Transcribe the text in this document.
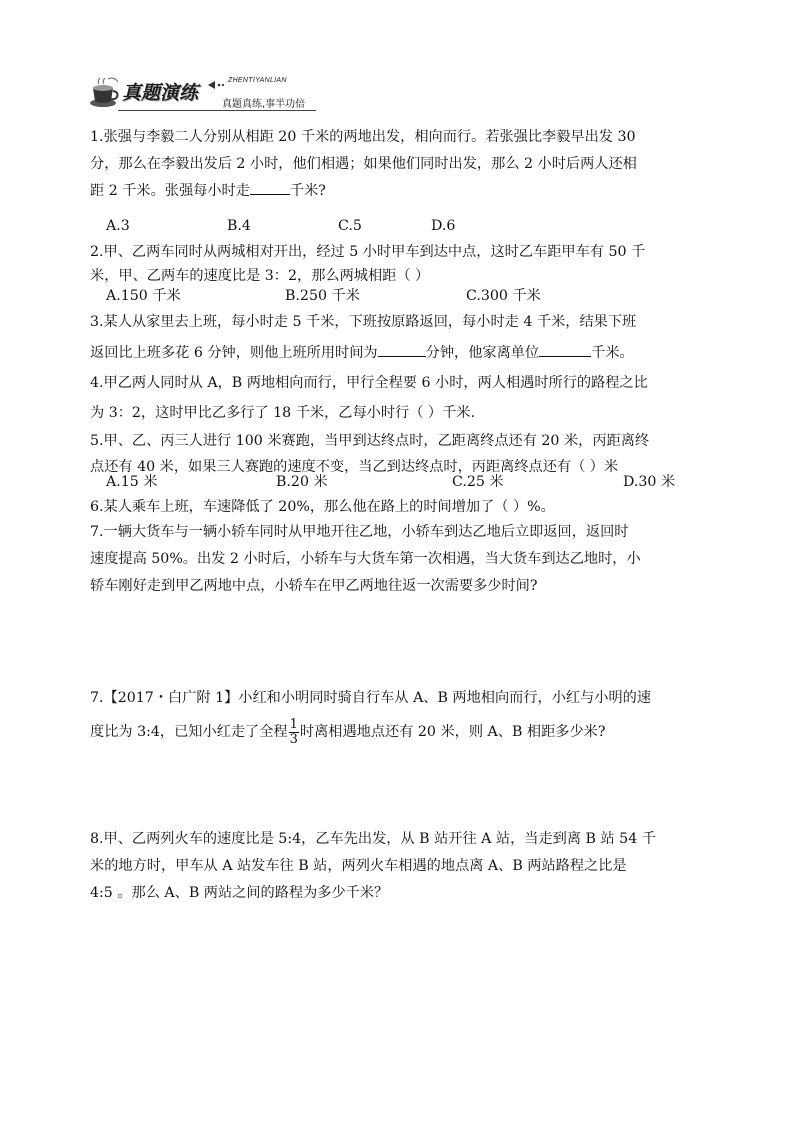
真题演练
ZHENTIYANLIAN
真题真练,事半功倍
1.张强与李毅二人分别从相距 20 千米的两地出发，相向而行。若张强比李毅早出发 30
分，那么在李毅出发后 2 小时，他们相遇；如果他们同时出发，那么 2 小时后两人还相
距 2 千米。张强每小时走	千米?
A.3	B.4	C.5	D.6
2.甲、乙两车同时从两城相对开出，经过 5 小时甲车到达中点，这时乙车距甲车有 50 千
米，甲、乙两车的速度比是 3：2，那么两城相距（ ）
A.150 千米	B.250 千米	C.300 千米
3.某人从家里去上班，每小时走 5 千米，下班按原路返回，每小时走 4 千米，结果下班
返回比上班多花 6 分钟，则他上班所用时间为	分钟，他家离单位	千米。
4.甲乙两人同时从 A，B 两地相向而行，甲行全程要 6 小时，两人相遇时所行的路程之比
为 3：2，这时甲比乙多行了 18 千米，乙每小时行（ ）千米.
5.甲、乙、丙三人进行 100 米赛跑，当甲到达终点时，乙距离终点还有 20 米，丙距离终
点还有 40 米，如果三人赛跑的速度不变，当乙到达终点时，丙距离终点还有（ ）米
A.15 米	B.20 米	C.25 米	D.30 米
6.某人乘车上班，车速降低了 20%，那么他在路上的时间增加了（ ）%。
7.一辆大货车与一辆小轿车同时从甲地开往乙地，小轿车到达乙地后立即返回，返回时
速度提高 50%。出发 2 小时后，小轿车与大货车第一次相遇，当大货车到达乙地时，小
轿车刚好走到甲乙两地中点，小轿车在甲乙两地往返一次需要多少时间?
7.【2017・白广附 1】小红和小明同时骑自行车从 A、B 两地相向而行，小红与小明的速
度比为 3:4，已知小红走了全程 $\frac{1}{3}$ 时离相遇地点还有 20 米，则 A、B 相距多少米?
8.甲、乙两列火车的速度比是 5:4，乙车先出发，从 B 站开往 A 站，当走到离 B 站 54 千
米的地方时，甲车从 A 站发车往 B 站，两列火车相遇的地点离 A、B 两站路程之比是
4:5 。那么 A、B 两站之间的路程为多少千米？
